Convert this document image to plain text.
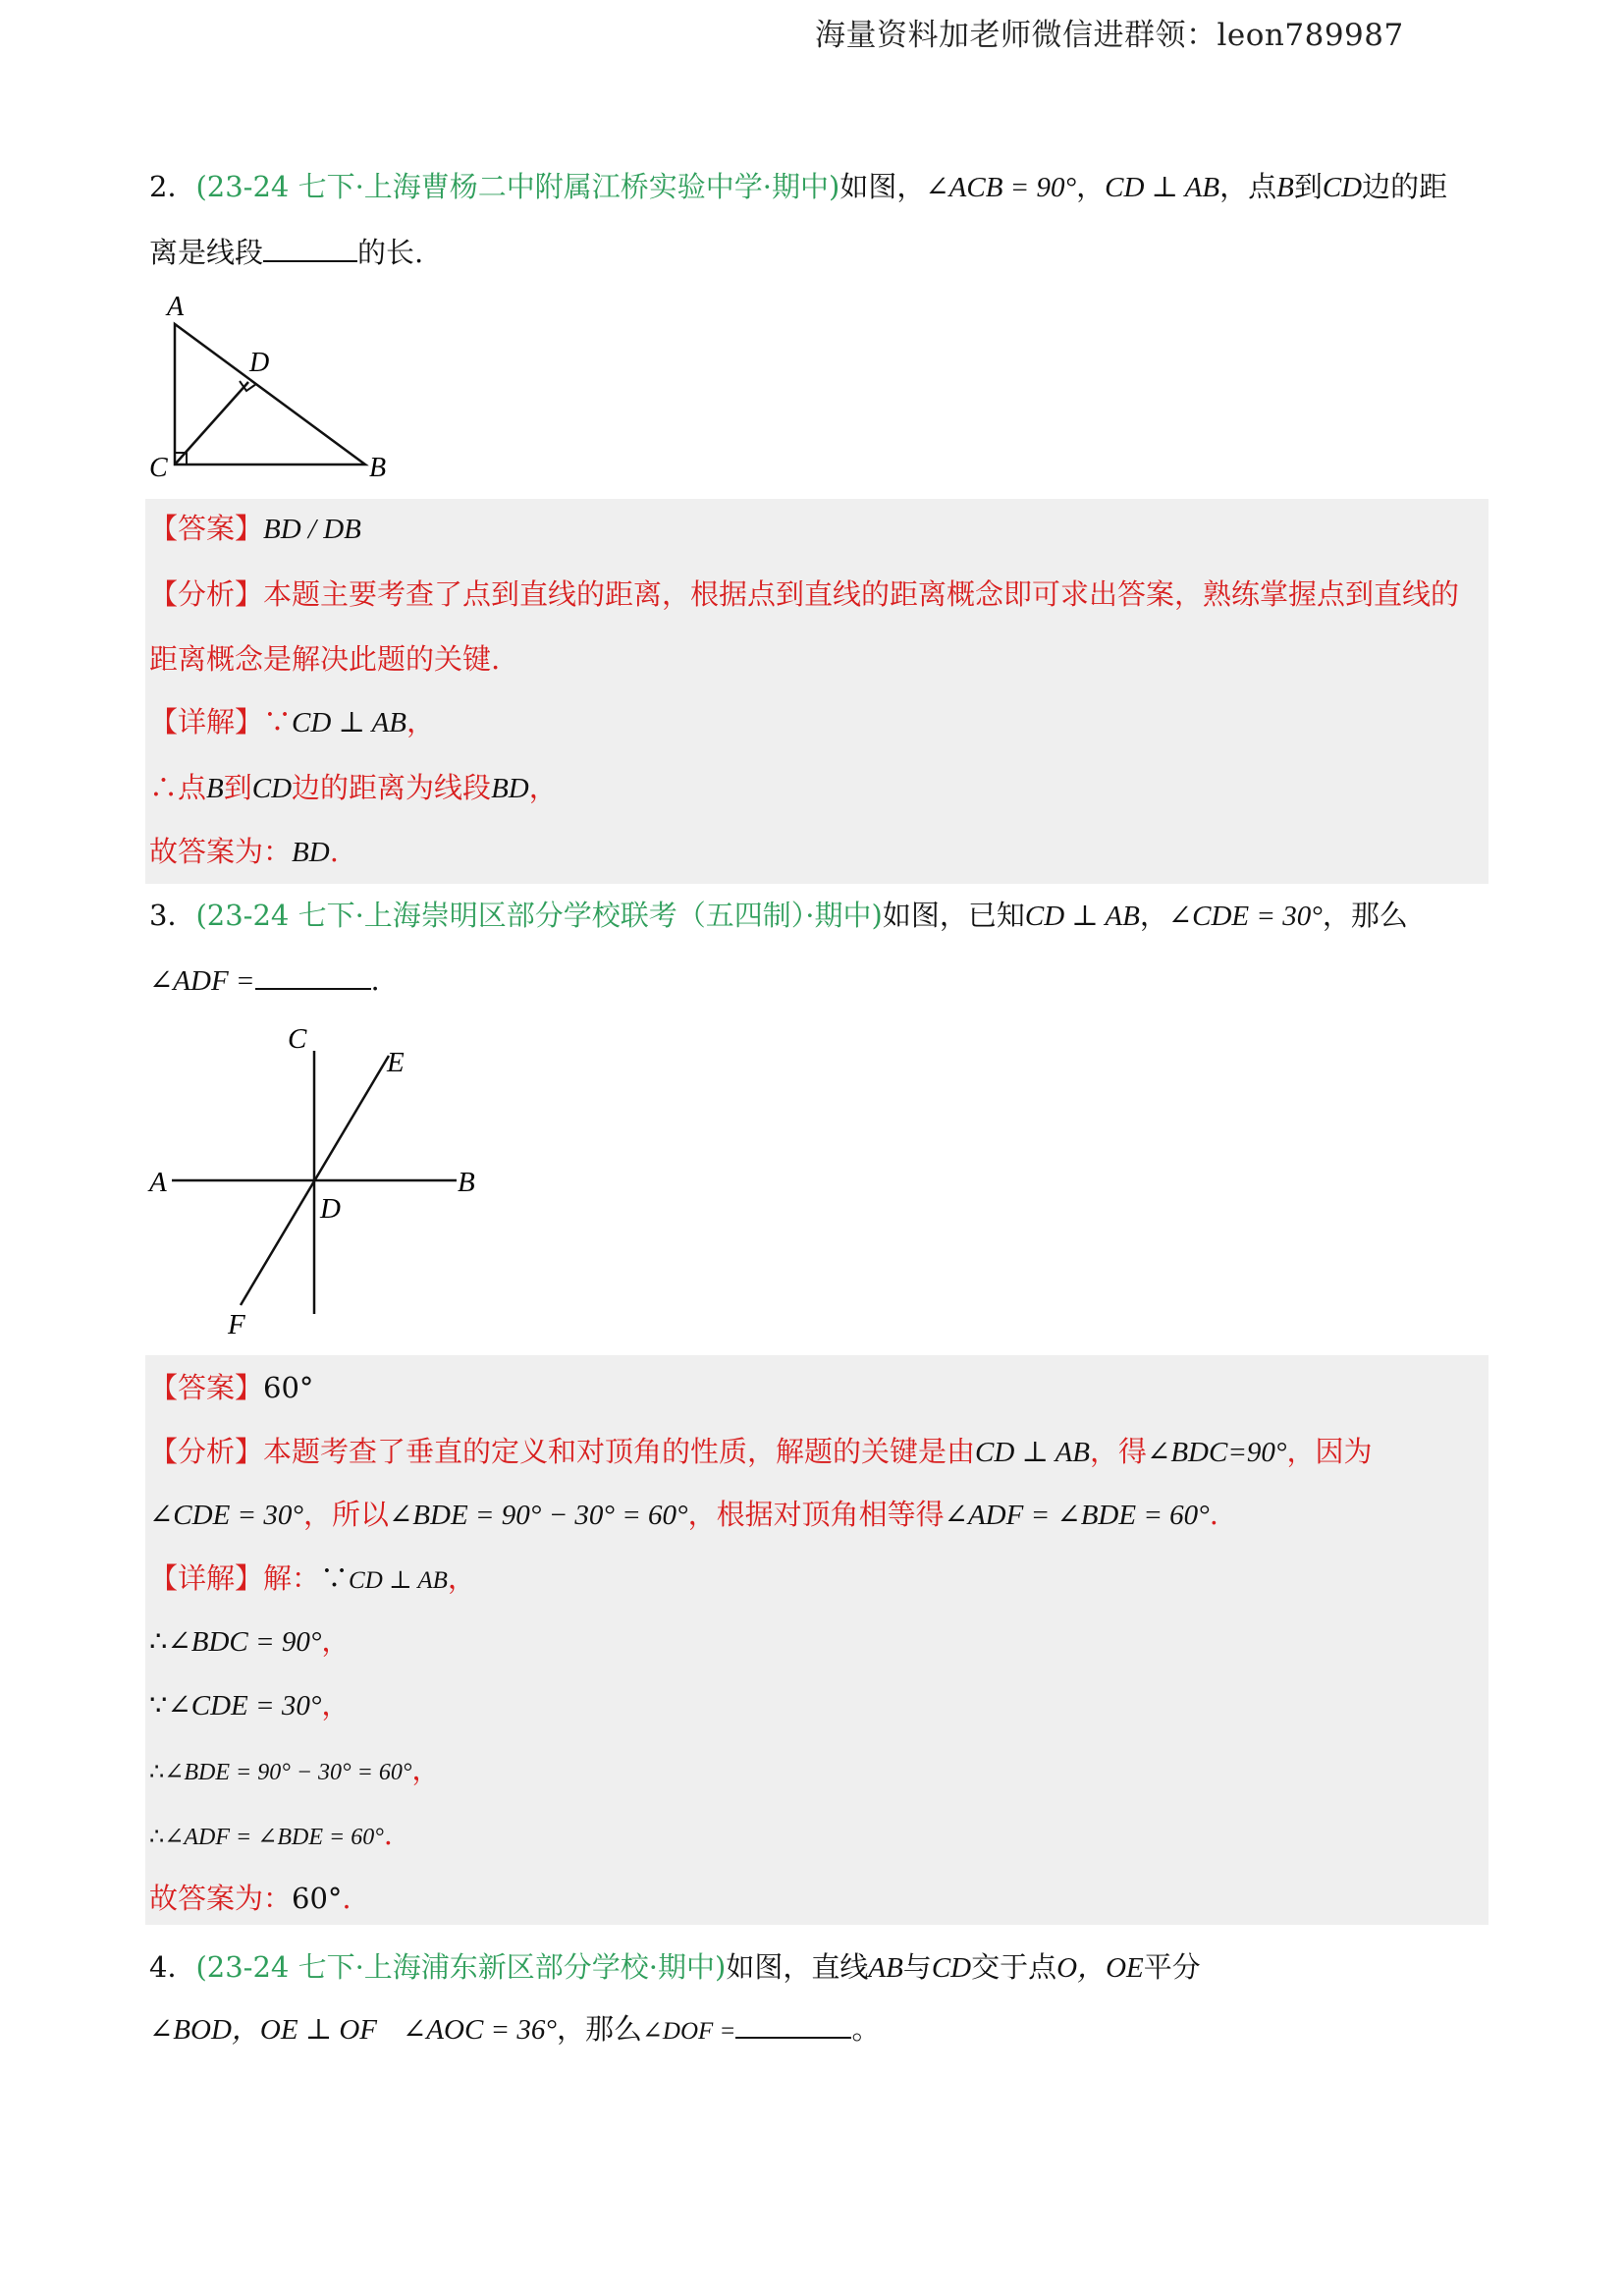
海量资料加老师微信进群领：leon789987
2．(23-24 七下·上海曹杨二中附属江桥实验中学·期中)如图，∠ACB = 90°，CD ⊥ AB，点B到CD边的距
离是线段	的长.
A
D
C	B
【答案】BD / DB
【分析】本题主要考查了点到直线的距离，根据点到直线的距离概念即可求出答案，熟练掌握点到直线的
距离概念是解决此题的关键.
【详解】∵CD ⊥ AB，
∴点B到CD边的距离为线段BD，
故答案为：BD.
3．(23-24 七下·上海崇明区部分学校联考（五四制）·期中)如图，已知CD ⊥ AB，∠CDE = 30°，那么
∠ADF =	.
C
E
A	B
D
F
【答案】60°
【分析】本题考查了垂直的定义和对顶角的性质，解题的关键是由CD ⊥ AB，得∠BDC=90°，因为
∠CDE = 30°，所以∠BDE = 90° − 30° = 60°，根据对顶角相等得∠ADF = ∠BDE = 60°.
【详解】解：∵CD ⊥ AB，
∴∠BDC = 90°，
∵∠CDE = 30°，
∴∠BDE = 90° − 30° = 60°，
∴∠ADF = ∠BDE = 60°.
故答案为：60°.
4．(23-24 七下·上海浦东新区部分学校·期中)如图，直线AB与CD交于点O，OE平分
∠BOD，OE ⊥ OF ∠AOC = 36°，那么∠DOF =	。
